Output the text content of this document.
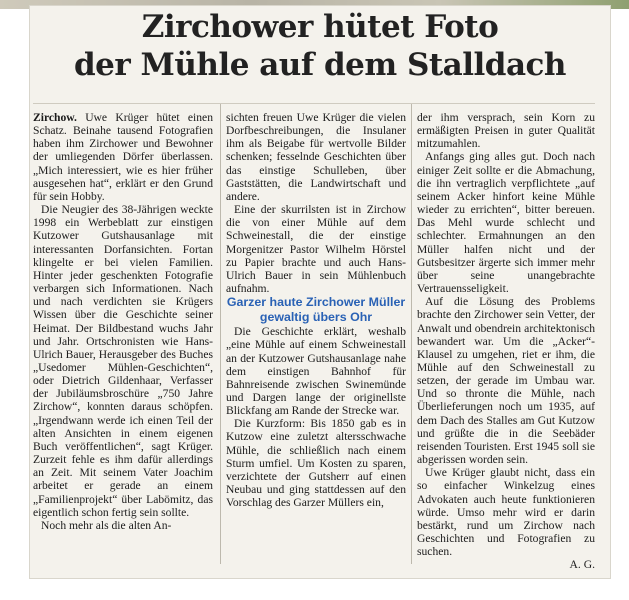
Zirchower hütet Foto
der Mühle auf dem Stalldach

Zirchow. Uwe Krüger hütet einen Schatz. Beinahe tausend Fotografien haben ihm Zirchower und Bewohner der umliegenden Dörfer überlassen. „Mich interessiert, wie es hier früher ausgesehen hat“, erklärt er den Grund für sein Hobby.

Die Neugier des 38-Jährigen weckte 1998 ein Werbeblatt zur einstigen Kutzower Gutshausanlage mit interessanten Dorfansichten. Fortan klingelte er bei vielen Familien. Hinter jeder geschenkten Fotografie verbargen sich Informationen. Nach und nach verdichten sie Krügers Wissen über die Geschichte seiner Heimat. Der Bildbestand wuchs Jahr und Jahr. Ortschronisten wie Hans-Ulrich Bauer, Herausgeber des Buches „Usedomer Mühlen-Geschichten“, oder Dietrich Gildenhaar, Verfasser der Jubiläumsbroschüre „750 Jahre Zirchow“, konnten daraus schöpfen. „Irgendwann werde ich einen Teil der alten Ansichten in einem eigenen Buch veröffentlichen“, sagt Krüger. Zurzeit fehle es ihm dafür allerdings an Zeit. Mit seinem Vater Joachim arbeitet er gerade an einem „Familienprojekt“ über Labömitz, das eigentlich schon fertig sein sollte.

Noch mehr als die alten An-

sichten freuen Uwe Krüger die vielen Dorfbeschreibungen, die Insulaner ihm als Beigabe für wertvolle Bilder schenken; fesselnde Geschichten über das einstige Schulleben, über Gaststätten, die Landwirtschaft und andere.

Eine der skurrilsten ist in Zirchow die von einer Mühle auf dem Schweinestall, die der einstige Morgenitzer Pastor Wilhelm Hörstel zu Papier brachte und auch Hans-Ulrich Bauer in sein Mühlenbuch aufnahm.

Garzer haute Zirchower Müller gewaltig übers Ohr

Die Geschichte erklärt, weshalb „eine Mühle auf einem Schweinestall an der Kutzower Gutshausanlage nahe dem einstigen Bahnhof für Bahnreisende zwischen Swinemünde und Dargen lange der originellste Blickfang am Rande der Strecke war.

Die Kurzform: Bis 1850 gab es in Kutzow eine zuletzt altersschwache Mühle, die schließlich nach einem Sturm umfiel. Um Kosten zu sparen, verzichtete der Gutsherr auf einen Neubau und ging stattdessen auf den Vorschlag des Garzer Müllers ein,

der ihm versprach, sein Korn zu ermäßigten Preisen in guter Qualität mitzumahlen.

Anfangs ging alles gut. Doch nach einiger Zeit sollte er die Abmachung, die ihn vertraglich verpflichtete „auf seinem Acker hinfort keine Mühle wieder zu errichten“, bitter bereuen. Das Mehl wurde schlecht und schlechter. Ermahnungen an den Müller halfen nicht und der Gutsbesitzer ärgerte sich immer mehr über seine unangebrachte Vertrauensseligkeit.

Auf die Lösung des Problems brachte den Zirchower sein Vetter, der Anwalt und obendrein architektonisch bewandert war. Um die „Acker“-Klausel zu umgehen, riet er ihm, die Mühle auf den Schweinestall zu setzen, der gerade im Umbau war. Und so thronte die Mühle, nach Überlieferungen noch um 1935, auf dem Dach des Stalles am Gut Kutzow und grüßte die in die Seebäder reisenden Touristen. Erst 1945 soll sie abgerissen worden sein.

Uwe Krüger glaubt nicht, dass ein so einfacher Winkelzug eines Advokaten auch heute funktionieren würde. Umso mehr wird er darin bestärkt, rund um Zirchow nach Geschichten und Fotografien zu suchen.

A. G.
